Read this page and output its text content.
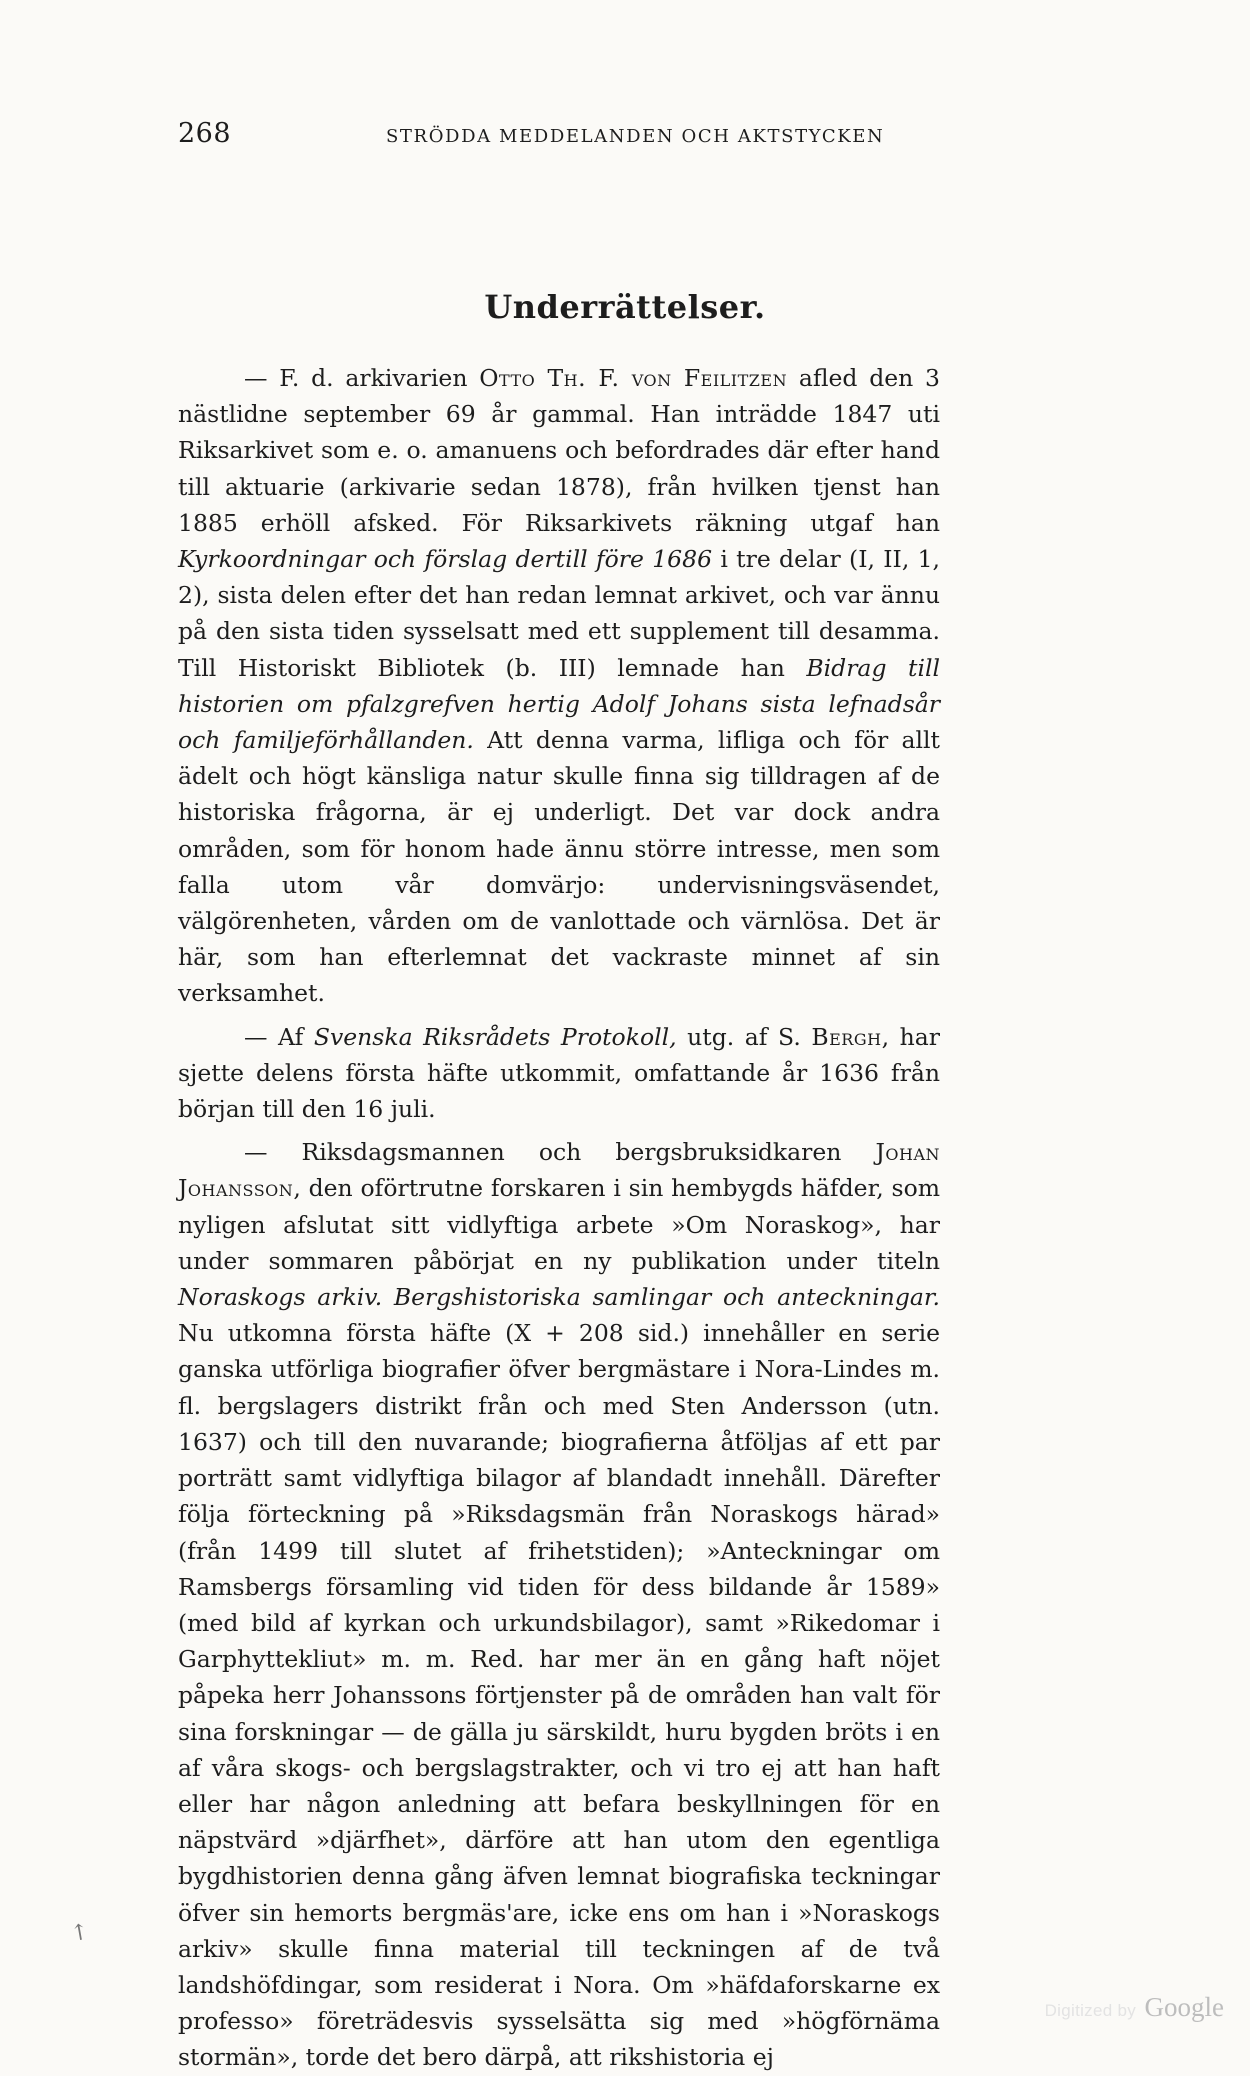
268	STRÖDDA MEDDELANDEN OCH AKTSTYCKEN
Underrättelser.

— F. d. arkivarien Otto Th. F. von Feilitzen afled den 3 nästlidne september 69 år gammal. Han inträdde 1847 uti Riksarkivet som e. o. amanuens och befordrades där efter hand till aktuarie (arkivarie sedan 1878), från hvilken tjenst han 1885 erhöll afsked. För Riksarkivets räkning utgaf han Kyrkoordningar och förslag dertill före 1686 i tre delar (I, II, 1, 2), sista delen efter det han redan lemnat arkivet, och var ännu på den sista tiden sysselsatt med ett supplement till desamma. Till Historiskt Bibliotek (b. III) lemnade han Bidrag till historien om pfalzgrefven hertig Adolf Johans sista lefnadsår och familjeförhållanden. Att denna varma, lifliga och för allt ädelt och högt känsliga natur skulle finna sig tilldragen af de historiska frågorna, är ej underligt. Det var dock andra områden, som för honom hade ännu större intresse, men som falla utom vår domvärjo: undervisningsväsendet, välgörenheten, vården om de vanlottade och värnlösa. Det är här, som han efterlemnat det vackraste minnet af sin verksamhet.

— Af Svenska Riksrådets Protokoll, utg. af S. Bergh, har sjette delens första häfte utkommit, omfattande år 1636 från början till den 16 juli.

— Riksdagsmannen och bergsbruksidkaren Johan Johansson, den oförtrutne forskaren i sin hembygds häfder, som nyligen afslutat sitt vidlyftiga arbete »Om Noraskog», har under sommaren påbörjat en ny publikation under titeln Noraskogs arkiv. Bergshistoriska samlingar och anteckningar. Nu utkomna första häfte (X + 208 sid.) innehåller en serie ganska utförliga biografier öfver bergmästare i Nora-Lindes m. fl. bergslagers distrikt från och med Sten Andersson (utn. 1637) och till den nuvarande; biografierna åtföljas af ett par porträtt samt vidlyftiga bilagor af blandadt innehåll. Därefter följa förteckning på »Riksdagsmän från Noraskogs härad» (från 1499 till slutet af frihetstiden); »Anteckningar om Ramsbergs församling vid tiden för dess bildande år 1589» (med bild af kyrkan och urkundsbilagor), samt »Rikedomar i Garphyttekliut» m. m. Red. har mer än en gång haft nöjet påpeka herr Johanssons förtjenster på de områden han valt för sina forskningar — de gälla ju särskildt, huru bygden bröts i en af våra skogs- och bergslagstrakter, och vi tro ej att han haft eller har någon anledning att befara beskyllningen för en näpstvärd »djärfhet», därföre att han utom den egentliga bygdhistorien denna gång äfven lemnat biografiska teckningar öfver sin hemorts bergmäs'are, icke ens om han i »Noraskogs arkiv» skulle finna material till teckningen af de två landshöfdingar, som residerat i Nora. Om »häfdaforskarne ex professo» företrädesvis sysselsätta sig med »högförnäma stormän», torde det bero därpå, att rikshistoria ej

↖
Digitized by Google
